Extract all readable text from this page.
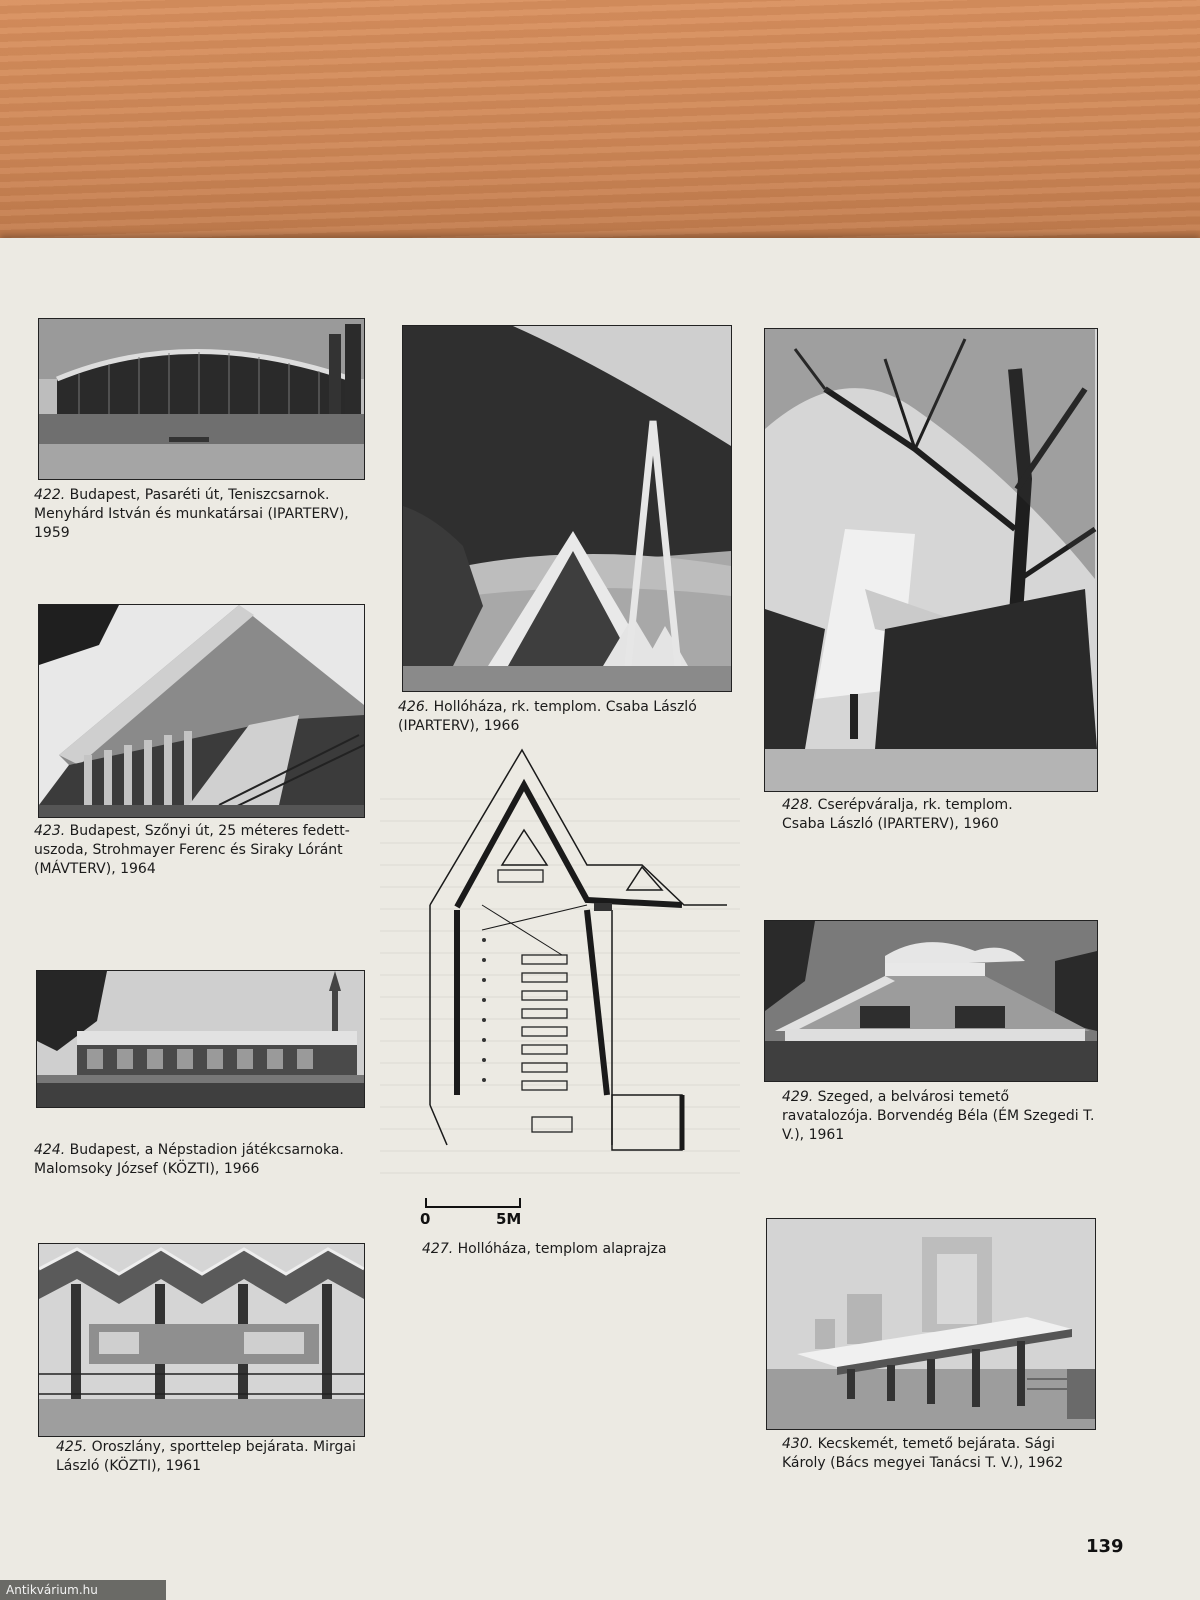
422. Budapest, Pasaréti út, Teniszcsarnok. Menyhárd István és munkatársai (IPARTERV), 1959
423. Budapest, Szőnyi út, 25 méteres fedett-uszoda, Strohmayer Ferenc és Siraky Lóránt (MÁVTERV), 1964
424. Budapest, a Népstadion játékcsarnoka. Malomsoky József (KÖZTI), 1966
425. Oroszlány, sporttelep bejárata. Mirgai László (KÖZTI), 1961
426. Hollóháza, rk. templom. Csaba László (IPARTERV), 1966
0	5M
427. Hollóháza, templom alaprajza
428. Cserépváralja, rk. templom. Csaba László (IPARTERV), 1960
429. Szeged, a belvárosi temető ravatalozója. Borvendég Béla (ÉM Szegedi T. V.), 1961
430. Kecskemét, temető bejárata. Sági Károly (Bács megyei Tanácsi T. V.), 1962
139
Antikvárium.hu
